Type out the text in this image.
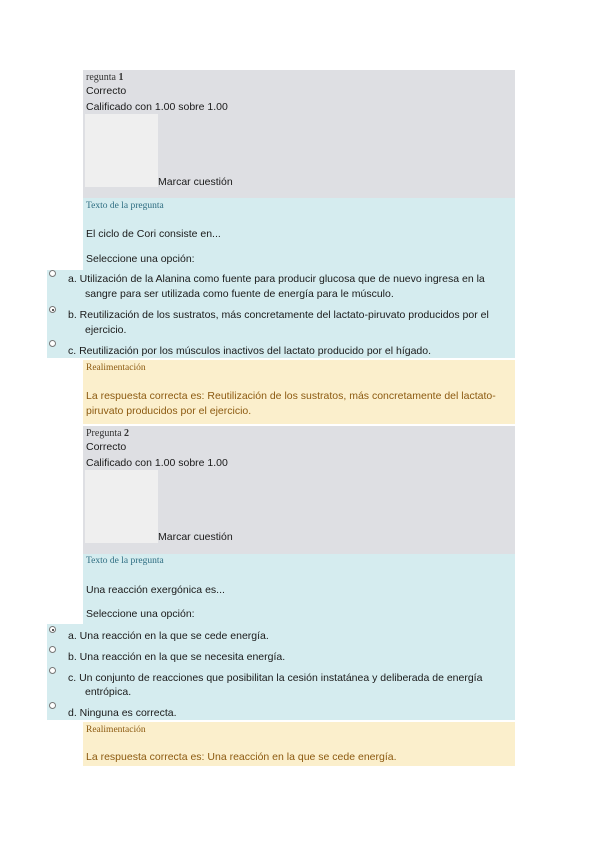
regunta 1
Correcto
Calificado con 1.00 sobre 1.00
Marcar cuestión
Texto de la pregunta
El ciclo de Cori consiste en...
Seleccione una opción:
a. Utilización de la Alanina como fuente para producir glucosa que de nuevo ingresa en la
sangre para ser utilizada como fuente de energía para le músculo.
b. Reutilización de los sustratos, más concretamente del lactato-piruvato producidos por el
ejercicio.
c. Reutilización por los músculos inactivos del lactato producido por el hígado.
Realimentación
La respuesta correcta es: Reutilización de los sustratos, más concretamente del lactato-
piruvato producidos por el ejercicio.
Pregunta 2
Correcto
Calificado con 1.00 sobre 1.00
Marcar cuestión
Texto de la pregunta
Una reacción exergónica es...
Seleccione una opción:
a. Una reacción en la que se cede energía.
b. Una reacción en la que se necesita energía.
c. Un conjunto de reacciones que posibilitan la cesión instatánea y deliberada de energía
entrópica.
d. Ninguna es correcta.
Realimentación
La respuesta correcta es: Una reacción en la que se cede energía.
